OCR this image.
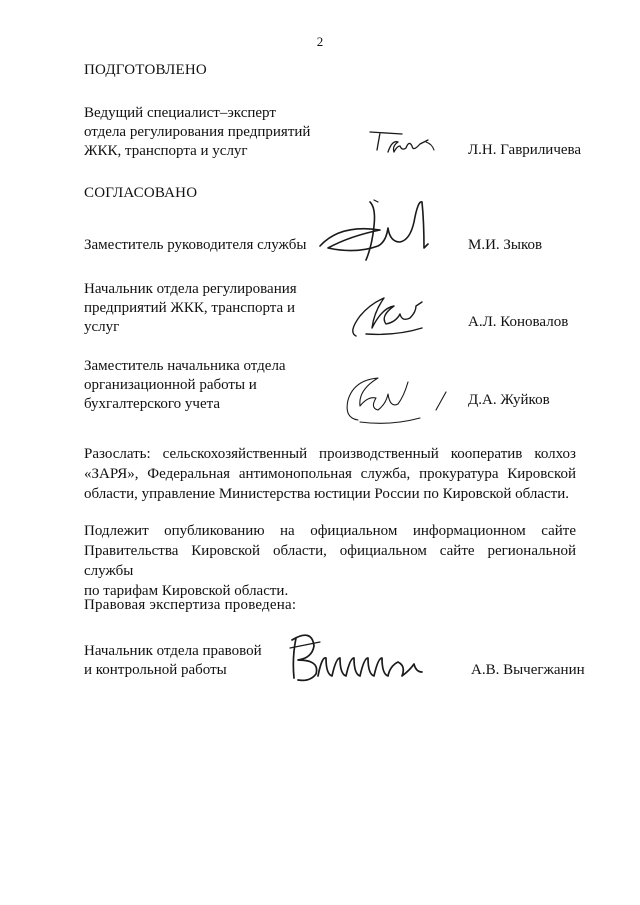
2
ПОДГОТОВЛЕНО
Ведущий специалист–эксперт
отдела регулирования предприятий
ЖКК, транспорта и услуг	Л.Н. Гавриличева
СОГЛАСОВАНО
Заместитель руководителя службы	М.И. Зыков
Начальник отдела регулирования
предприятий ЖКК, транспорта и
услуг	А.Л. Коновалов
Заместитель начальника отдела
организационной работы и
бухгалтерского учета	Д.А. Жуйков
Разослать: сельскохозяйственный производственный кооператив колхоз
«ЗАРЯ», Федеральная антимонопольная служба, прокуратура Кировской
области, управление Министерства юстиции России по Кировской области.
Подлежит опубликованию на официальном информационном сайте
Правительства Кировской области, официальном сайте региональной службы
по тарифам Кировской области.
Правовая экспертиза проведена:
Начальник отдела правовой
и контрольной работы	А.В. Вычегжанин
